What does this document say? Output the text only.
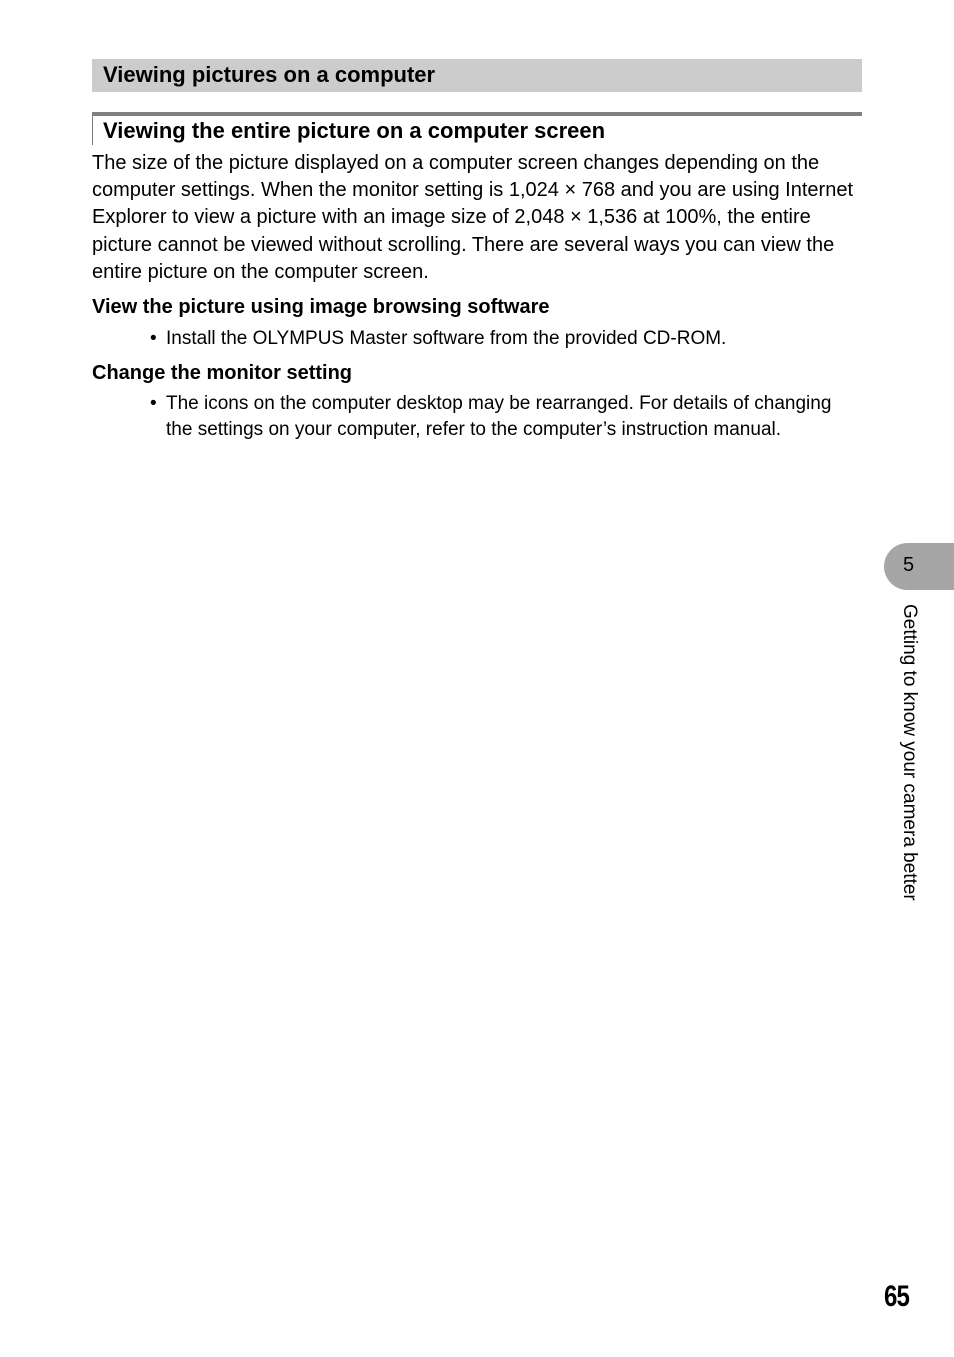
Viewing pictures on a computer
Viewing the entire picture on a computer screen

The size of the picture displayed on a computer screen changes depending on the computer settings. When the monitor setting is 1,024 × 768 and you are using Internet Explorer to view a picture with an image size of 2,048 × 1,536 at 100%, the entire picture cannot be viewed without scrolling. There are several ways you can view the entire picture on the computer screen.

View the picture using image browsing software

• Install the OLYMPUS Master software from the provided CD-ROM.

Change the monitor setting

• The icons on the computer desktop may be rearranged. For details of changing the settings on your computer, refer to the computer’s instruction manual.
5
Getting to know your camera better
65
